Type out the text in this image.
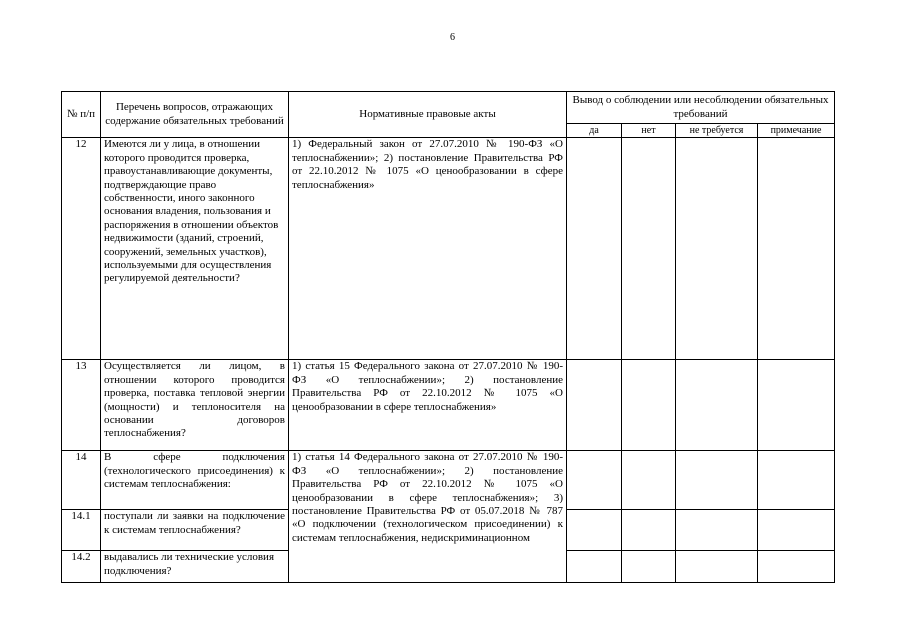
6
№ п/п	Перечень вопросов, отражающих содержание обязательных требований	Нормативные правовые акты	Вывод о соблюдении или несоблюдении обязательных требований			
			да	нет	не требуется	примечание
12	Имеются ли у лица, в отношении которого проводится проверка, правоустанавливающие документы, подтверждающие право собственности, иного законного основания владения, пользования и распоряжения в отношении объектов недвижимости (зданий, строений, сооружений, земельных участков), используемыми для осуществления регулируемой деятельности?	1) Федеральный закон от 27.07.2010 № 190-ФЗ «О теплоснабжении»; 2) постановление Правительства РФ от 22.10.2012 № 1075 «О ценообразовании в сфере теплоснабжения»				
13	Осуществляется ли лицом, в отношении которого проводится проверка, поставка тепловой энергии (мощности) и теплоносителя на основании договоров теплоснабжения?	1) статья 15 Федерального закона от 27.07.2010 № 190-ФЗ «О теплоснабжении»; 2) постановление Правительства РФ от 22.10.2012 № 1075 «О ценообразовании в сфере теплоснабжения»				
14	В сфере подключения (технологического присоединения) к системам теплоснабжения:	1) статья 14 Федерального закона от 27.07.2010 № 190-ФЗ «О теплоснабжении»; 2) постановление Правительства РФ от 22.10.2012 № 1075 «О ценообразовании в сфере теплоснабжения»; 3) постановление Правительства РФ от 05.07.2018 № 787 «О подключении (технологическом присоединении) к системам теплоснабжения, недискриминационном				

14.1	поступали ли заявки на подключение к системам теплоснабжения?					
14.2	выдавались ли технические условия подключения?					
